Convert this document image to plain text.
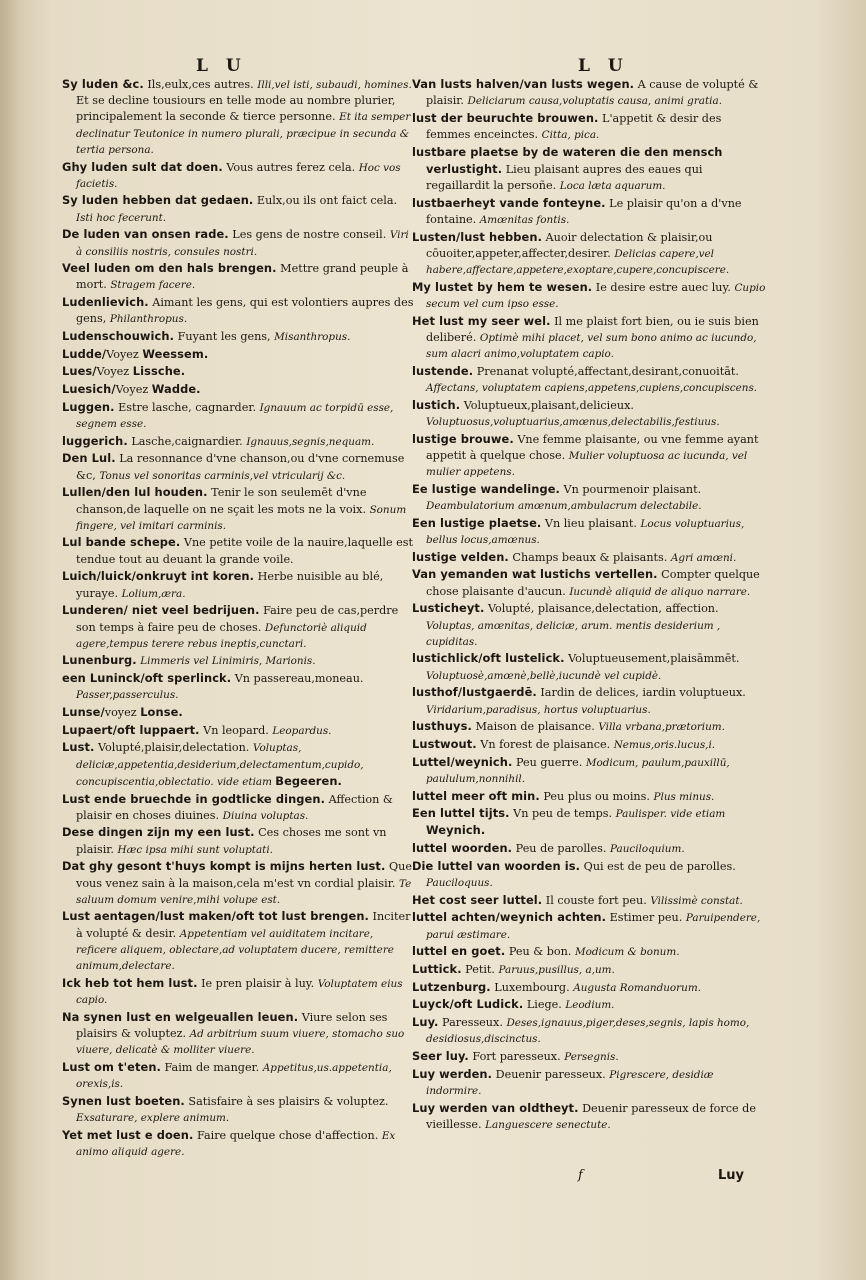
L U	L U
Sy luden &c. Ils,eulx,ces autres. Illi,vel isti, subaudi, homines. Et se decline tousiours en telle mode au nombre plurier, principalement la seconde & tierce personne. Et ita semper declinatur Teutonice in numero plurali, præcipue in secunda & tertia persona.
Ghy luden sult dat doen. Vous autres ferez cela. Hoc vos facietis.
Sy luden hebben dat gedaen. Eulx,ou ils ont faict cela. Isti hoc fecerunt.
De luden van onsen rade. Les gens de nostre conseil. Viri à consiliis nostris, consules nostri.
Veel luden om den hals brengen. Mettre grand peuple à mort. Stragem facere.
Ludenlievich. Aimant les gens, qui est volontiers aupres des gens, Philanthropus.
Ludenschouwich. Fuyant les gens, Misanthropus.
Ludde/Voyez Weessem.
Lues/Voyez Lissche.
Luesich/Voyez Wadde.
Luggen. Estre lasche, cagnarder. Ignauum ac torpidū esse, segnem esse.
luggerich. Lasche,caignardier. Ignauus,segnis,nequam.
Den Lul. La resonnance d'vne chanson,ou d'vne cornemuse &c, Tonus vel sonoritas carminis,vel vtricularij &c.
Lullen/den lul houden. Tenir le son seulemēt d'vne chanson,de laquelle on ne sçait les mots ne la voix. Sonum fingere, vel imitari carminis.
Lul bande schepe. Vne petite voile de la nauire,laquelle est tendue tout au deuant la grande voile.
Luich/luick/onkruyt int koren. Herbe nuisible au blé, yuraye. Lolium,æra.
Lunderen/ niet veel bedrijuen. Faire peu de cas,perdre son temps à faire peu de choses. Defunctoriè aliquid agere,tempus terere rebus ineptis,cunctari.
Lunenburg. Limmeris vel Linimiris, Marionis.
een Luninck/oft sperlinck. Vn passereau,moneau. Passer,passerculus.
Lunse/voyez Lonse.
Lupaert/oft luppaert. Vn leopard. Leopardus.
Lust. Volupté,plaisir,delectation. Voluptas, deliciæ,appetentia,desiderium,delectamentum,cupido, concupiscentia,oblectatio. vide etiam Begeeren.
Lust ende bruechde in godtlicke dingen. Affection & plaisir en choses diuines. Diuina voluptas.
Dese dingen zijn my een lust. Ces choses me sont vn plaisir. Hæc ipsa mihi sunt voluptati.
Dat ghy gesont t'huys kompt is mijns herten lust. Que vous venez sain à la maison,cela m'est vn cordial plaisir. Te saluum domum venire,mihi volupe est.
Lust aentagen/lust maken/oft tot lust brengen. Inciter à volupté & desir. Appetentiam vel auiditatem incitare, reficere aliquem, oblectare,ad voluptatem ducere, remittere animum,delectare.
Ick heb tot hem lust. Ie pren plaisir à luy. Voluptatem eius capio.
Na synen lust en welgeuallen leuen. Viure selon ses plaisirs & voluptez. Ad arbitrium suum viuere, stomacho suo viuere, delicatè & molliter viuere.
Lust om t'eten. Faim de manger. Appetitus,us.appetentia, orexis,is.
Synen lust boeten. Satisfaire à ses plaisirs & voluptez. Exsaturare, explere animum.
Yet met lust e doen. Faire quelque chose d'affection. Ex animo aliquid agere.
Van lusts halven/van lusts wegen. A cause de volupté & plaisir. Deliciarum causa,voluptatis causa, animi gratia.
lust der beuruchte brouwen. L'appetit & desir des femmes enceinctes. Citta, pica.
lustbare plaetse by de wateren die den mensch verlustight. Lieu plaisant aupres des eaues qui regaillardit la persoñe. Loca læta aquarum.
lustbaerheyt vande fonteyne. Le plaisir qu'on a d'vne fontaine. Amœnitas fontis.
Lusten/lust hebben. Auoir delectation & plaisir,ou cōuoiter,appeter,affecter,desirer. Delicias capere,vel habere,affectare,appetere,exoptare,cupere,concupiscere.
My lustet by hem te wesen. Ie desire estre auec luy. Cupio secum vel cum ipso esse.
Het lust my seer wel. Il me plaist fort bien, ou ie suis bien deliberé. Optimè mihi placet, vel sum bono animo ac iucundo, sum alacri animo,voluptatem capio.
lustende. Prenanat volupté,affectant,desirant,conuoitāt. Affectans, voluptatem capiens,appetens,cupiens,concupiscens.
lustich. Voluptueux,plaisant,delicieux. Voluptuosus,voluptuarius,amœnus,delectabilis,festiuus.
lustige brouwe. Vne femme plaisante, ou vne femme ayant appetit à quelque chose. Mulier voluptuosa ac iucunda, vel mulier appetens.
Ee lustige wandelinge. Vn pourmenoir plaisant. Deambulatorium amœnum,ambulacrum delectabile.
Een lustige plaetse. Vn lieu plaisant. Locus voluptuarius, bellus locus,amœnus.
lustige velden. Champs beaux & plaisants. Agri amœni.
Van yemanden wat lustichs vertellen. Compter quelque chose plaisante d'aucun. Iucundè aliquid de aliquo narrare.
Lusticheyt. Volupté, plaisance,delectation, affection. Voluptas, amœnitas, deliciæ, arum. mentis desiderium , cupiditas.
lustichlick/oft lustelick. Voluptueusement,plaisāmmēt. Voluptuosè,amœnè,bellè,iucundè vel cupidè.
lusthof/lustgaerdē. Iardin de delices, iardin voluptueux. Viridarium,paradisus, hortus voluptuarius.
lusthuys. Maison de plaisance. Villa vrbana,prætorium.
Lustwout. Vn forest de plaisance. Nemus,oris.lucus,i.
Luttel/weynich. Peu guerre. Modicum, paulum,pauxillū, paululum,nonnihil.
luttel meer oft min. Peu plus ou moins. Plus minus.
Een luttel tijts. Vn peu de temps. Paulisper. vide etiam Weynich.
luttel woorden. Peu de parolles. Pauciloquium.
Die luttel van woorden is. Qui est de peu de parolles. Pauciloquus.
Het cost seer luttel. Il couste fort peu. Vilissimè constat.
luttel achten/weynich achten. Estimer peu. Paruipendere, parui æstimare.
luttel en goet. Peu & bon. Modicum & bonum.
Luttick. Petit. Paruus,pusillus, a,um.
Lutzenburg. Luxembourg. Augusta Romanduorum.
Luyck/oft Ludick. Liege. Leodium.
Luy. Paresseux. Deses,ignauus,piger,deses,segnis, lapis homo, desidiosus,discinctus.
Seer luy. Fort paresseux. Persegnis.
Luy werden. Deuenir paresseux. Pigrescere, desidiæ indormire.
Luy werden van oldtheyt. Deuenir paresseux de force de vieillesse. Languescere senectute.
f	Luy
